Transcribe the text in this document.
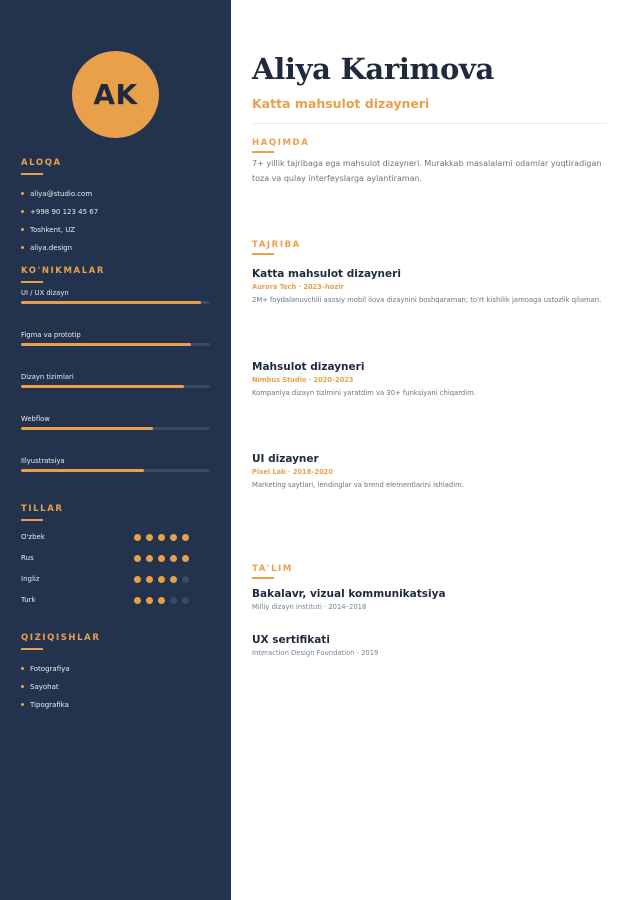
AK
ALOQA
aliya@studio.com
+998 90 123 45 67
Toshkent, UZ
aliya.design
KO'NIKMALAR
UI / UX dizayn
Figma va prototip
Dizayn tizimlari
Webflow
Illyustratsiya
TILLAR
O'zbek
Rus
Ingliz
Turk
QIZIQISHLAR
Fotografiya
Sayohat
Tipografika
Aliya Karimova
Katta mahsulot dizayneri
HAQIMDA

7+ yillik tajribaga ega mahsulot dizayneri. Murakkab masalalarni odamlar yoqtiradigan toza va qulay interfeyslarga aylantiraman.

TAJRIBA
Katta mahsulot dizayneri
Aurora Tech · 2023–hozir
2M+ foydalanuvchili asosiy mobil ilova dizaynini boshqaraman; to'rt kishilik jamoaga ustozlik qilaman.
Mahsulot dizayneri
Nimbus Studio · 2020–2023
Kompaniya dizayn tizimini yaratdim va 30+ funksiyani chiqardim.
UI dizayner
Pixel Lab · 2018–2020
Marketing saytlari, lendinglar va brend elementlarini ishladim.
TA'LIM
Bakalavr, vizual kommunikatsiya
Milliy dizayn instituti · 2014–2018
UX sertifikati
Interaction Design Foundation · 2019
